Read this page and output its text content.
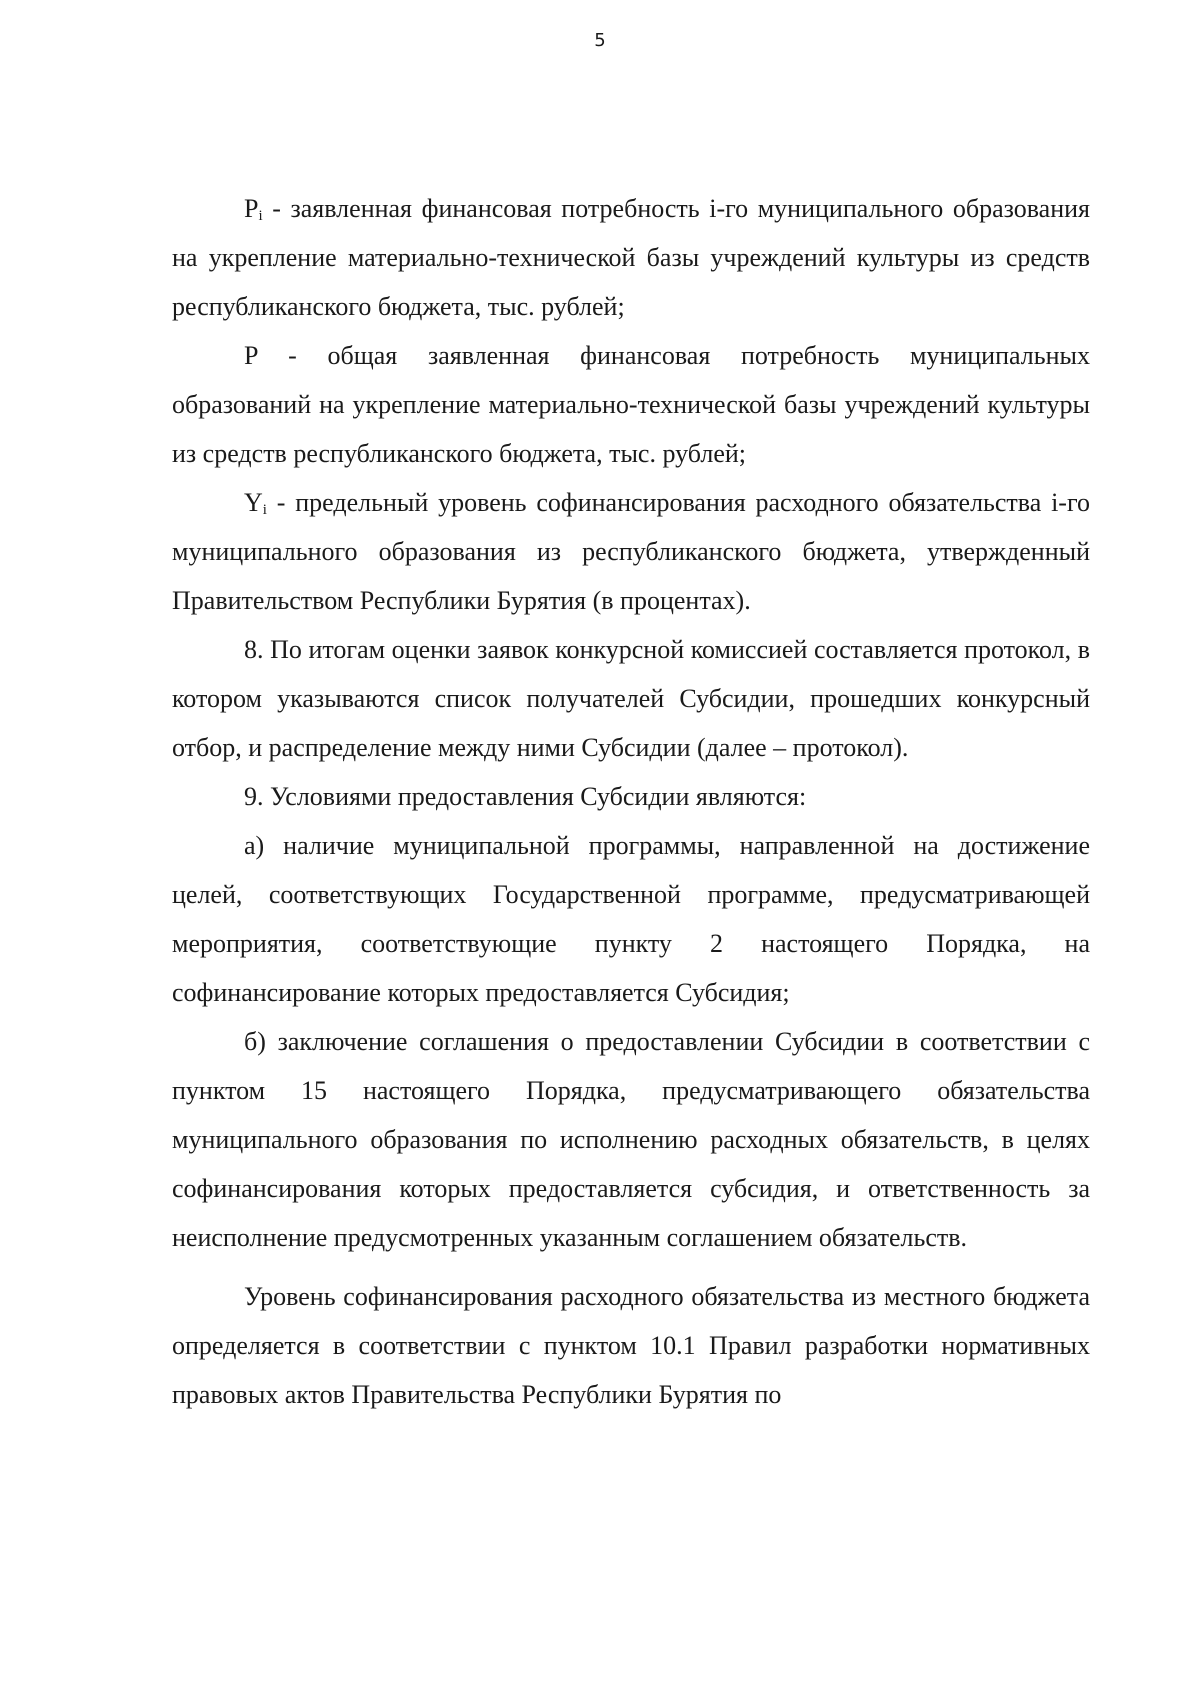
5

$P_i$ - заявленная финансовая потребность i-го муниципального образования на укрепление материально-технической базы учреждений культуры из средств республиканского бюджета, тыс. рублей;

P - общая заявленная финансовая потребность муниципальных образований на укрепление материально-технической базы учреждений культуры из средств республиканского бюджета, тыс. рублей;

$Y_i$ - предельный уровень софинансирования расходного обязательства i-го муниципального образования из республиканского бюджета, утвержденный Правительством Республики Бурятия (в процентах).

8. По итогам оценки заявок конкурсной комиссией составляется протокол, в котором указываются список получателей Субсидии, прошедших конкурсный отбор, и распределение между ними Субсидии (далее – протокол).

9. Условиями предоставления Субсидии являются:

а) наличие муниципальной программы, направленной на достижение целей, соответствующих Государственной программе, предусматривающей мероприятия, соответствующие пункту 2 настоящего Порядка, на софинансирование которых предоставляется Субсидия;

б) заключение соглашения о предоставлении Субсидии в соответствии с пунктом 15 настоящего Порядка, предусматривающего обязательства муниципального образования по исполнению расходных обязательств, в целях софинансирования которых предоставляется субсидия, и ответственность за неисполнение предусмотренных указанным соглашением обязательств.

Уровень софинансирования расходного обязательства из местного бюджета определяется в соответствии с пунктом 10.1 Правил разработки нормативных правовых актов Правительства Республики Бурятия по
